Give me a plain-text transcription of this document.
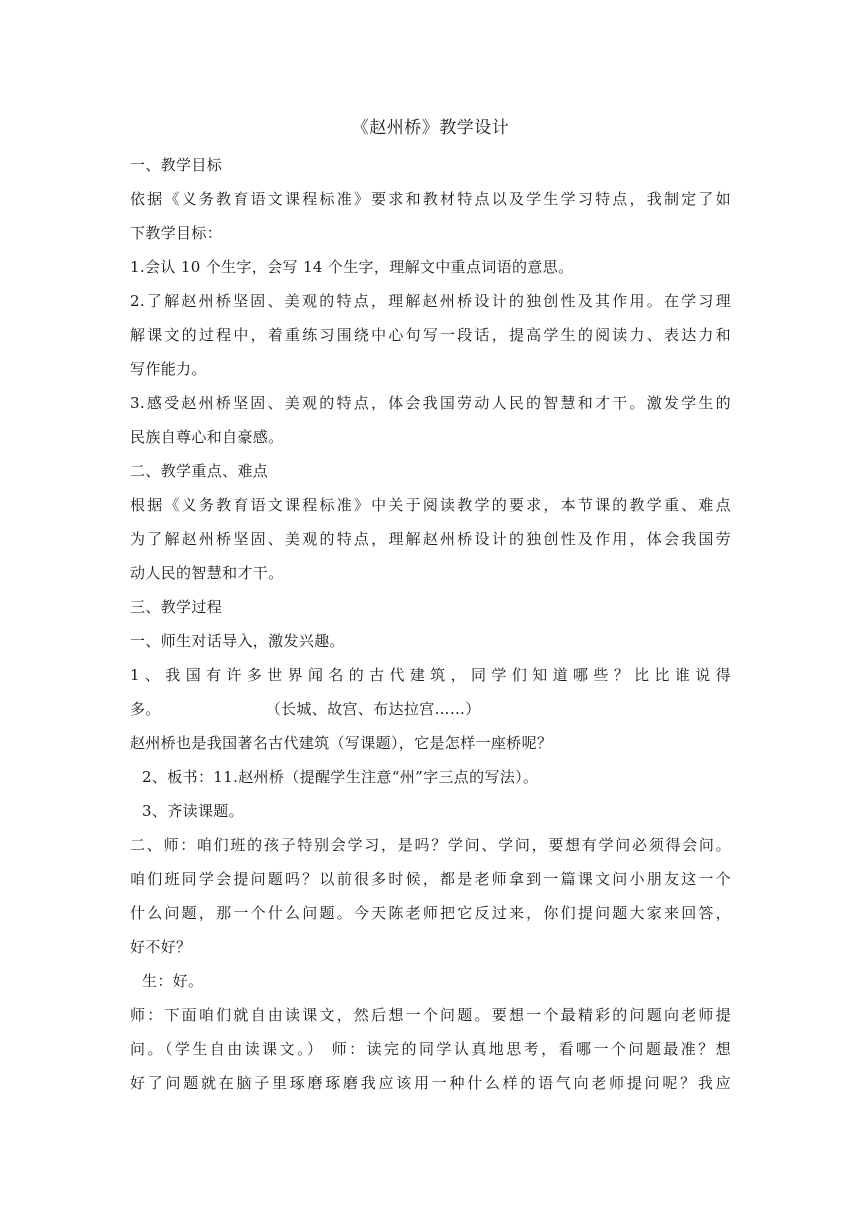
《赵州桥》教学设计
一、教学目标
依据《义务教育语文课程标准》要求和教材特点以及学生学习特点，我制定了如
下教学目标：
1.会认 10 个生字，会写 14 个生字，理解文中重点词语的意思。
2.了解赵州桥坚固、美观的特点，理解赵州桥设计的独创性及其作用。在学习理
解课文的过程中，着重练习围绕中心句写一段话，提高学生的阅读力、表达力和
写作能力。
3.感受赵州桥坚固、美观的特点，体会我国劳动人民的智慧和才干。激发学生的
民族自尊心和自豪感。
二、教学重点、难点
根据《义务教育语文课程标准》中关于阅读教学的要求，本节课的教学重、难点
为了解赵州桥坚固、美观的特点，理解赵州桥设计的独创性及作用，体会我国劳
动人民的智慧和才干。
三、教学过程
一、师生对话导入，激发兴趣。
1、我国有许多世界闻名的古代建筑，同学们知道哪些？比比谁说得
多。	（长城、故宫、布达拉宫……）
赵州桥也是我国著名古代建筑（写课题），它是怎样一座桥呢？
2、板书：11.赵州桥（提醒学生注意“州”字三点的写法）。
3、齐读课题。
二、师：咱们班的孩子特别会学习，是吗？学问、学问，要想有学问必须得会问。
咱们班同学会提问题吗？以前很多时候，都是老师拿到一篇课文问小朋友这一个
什么问题，那一个什么问题。今天陈老师把它反过来，你们提问题大家来回答，
好不好？
生：好。
师：下面咱们就自由读课文，然后想一个问题。要想一个最精彩的问题向老师提
问。（学生自由读课文。） 师：读完的同学认真地思考，看哪一个问题最准？想
好了问题就在脑子里琢磨琢磨我应该用一种什么样的语气向老师提问呢？我应
